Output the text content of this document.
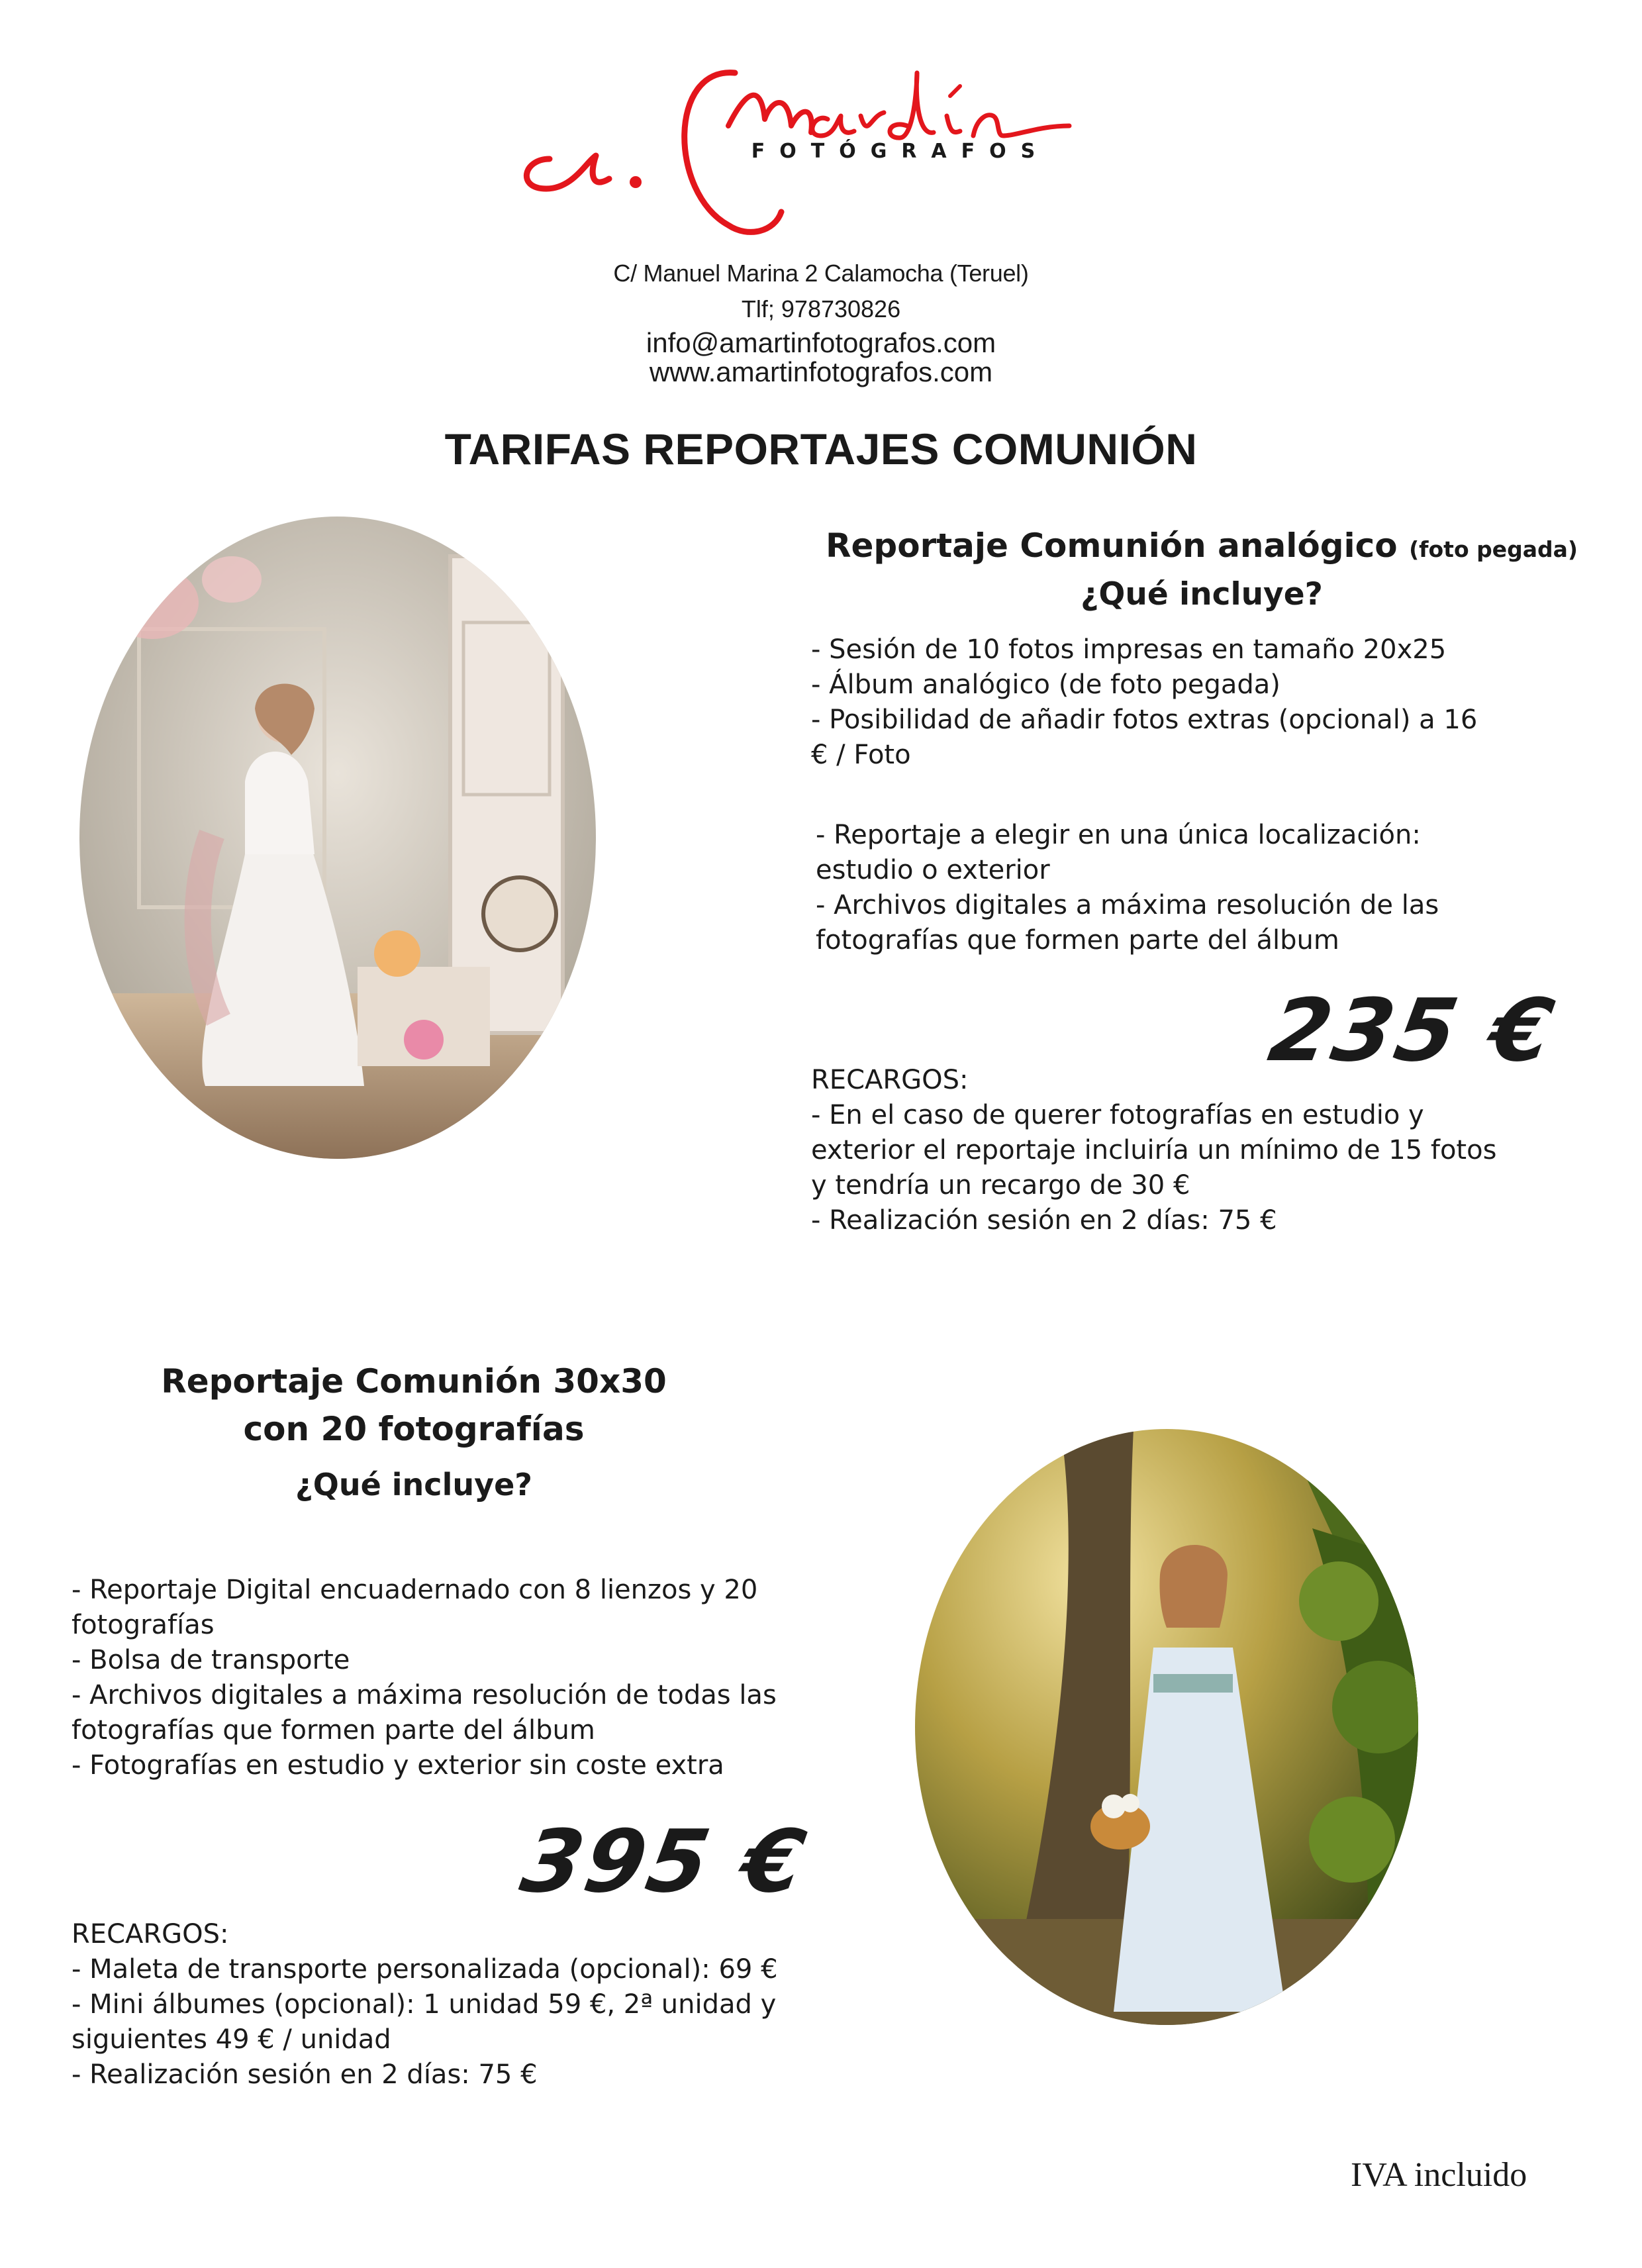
FOTÓGRAFOS
C/ Manuel Marina 2 Calamocha (Teruel)
Tlf; 978730826
info@amartinfotografos.com
www.amartinfotografos.com
TARIFAS REPORTAJES COMUNIÓN
Reportaje Comunión analógico (foto pegada)
¿Qué incluye?
- Sesión de 10 fotos impresas en tamaño 20x25
- Álbum analógico (de foto pegada)
- Posibilidad de añadir fotos extras (opcional) a 16 € / Foto
- Reportaje a elegir en una única localización: estudio o exterior
- Archivos digitales a máxima resolución de las fotografías que formen parte del álbum
235 €
RECARGOS:
- En el caso de querer fotografías en estudio y exterior el reportaje incluiría un mínimo de 15 fotos y tendría un recargo de 30 €
- Realización sesión en 2 días: 75 €
Reportaje Comunión 30x30
con 20 fotografías
¿Qué incluye?
- Reportaje Digital encuadernado con 8 lienzos y 20 fotografías
- Bolsa de transporte
- Archivos digitales a máxima resolución de todas las fotografías que formen parte del álbum
- Fotografías en estudio y exterior sin coste extra
395 €
RECARGOS:
- Maleta de transporte personalizada (opcional): 69 €
- Mini álbumes (opcional): 1 unidad 59 €, 2ª unidad y siguientes 49 € / unidad
- Realización sesión en 2 días: 75 €
IVA incluido
